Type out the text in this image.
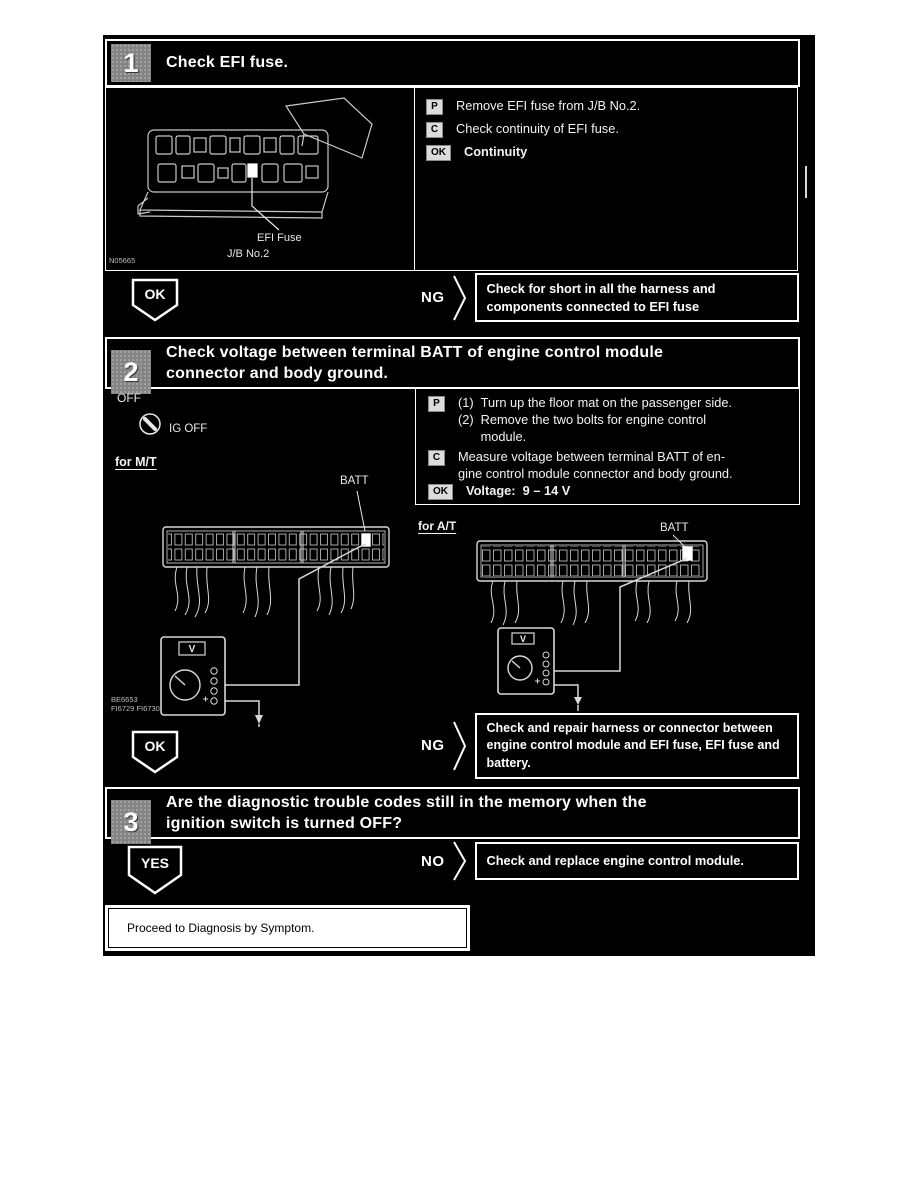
1	Check EFI fuse.
EFI Fuse
J/B No.2
N05665
P	Remove EFI fuse from J/B No.2.
C	Check continuity of EFI fuse.
OK	Continuity
OK	NG
Check for short in all the harness and components connected to EFI fuse
2
Check voltage between terminal BATT of engine control module
connector and body ground.
OFF
IG OFF
for M/T
BATT
V
BE6653
FI6729 FI6730
P	(1) Turn up the floor mat on the passenger side.
(2) Remove the two bolts for engine control module.
C	Measure voltage between terminal BATT of en-
gine control module connector and body ground.
OK	Voltage:  9 – 14 V
for A/T	BATT
V
OK	NG
Check and repair harness or connector between engine control module and EFI fuse, EFI fuse and battery.
3
Are the diagnostic trouble codes still in the memory when the
ignition switch is turned OFF?
YES	NO	Check and replace engine control module.
Proceed to Diagnosis by Symptom.
